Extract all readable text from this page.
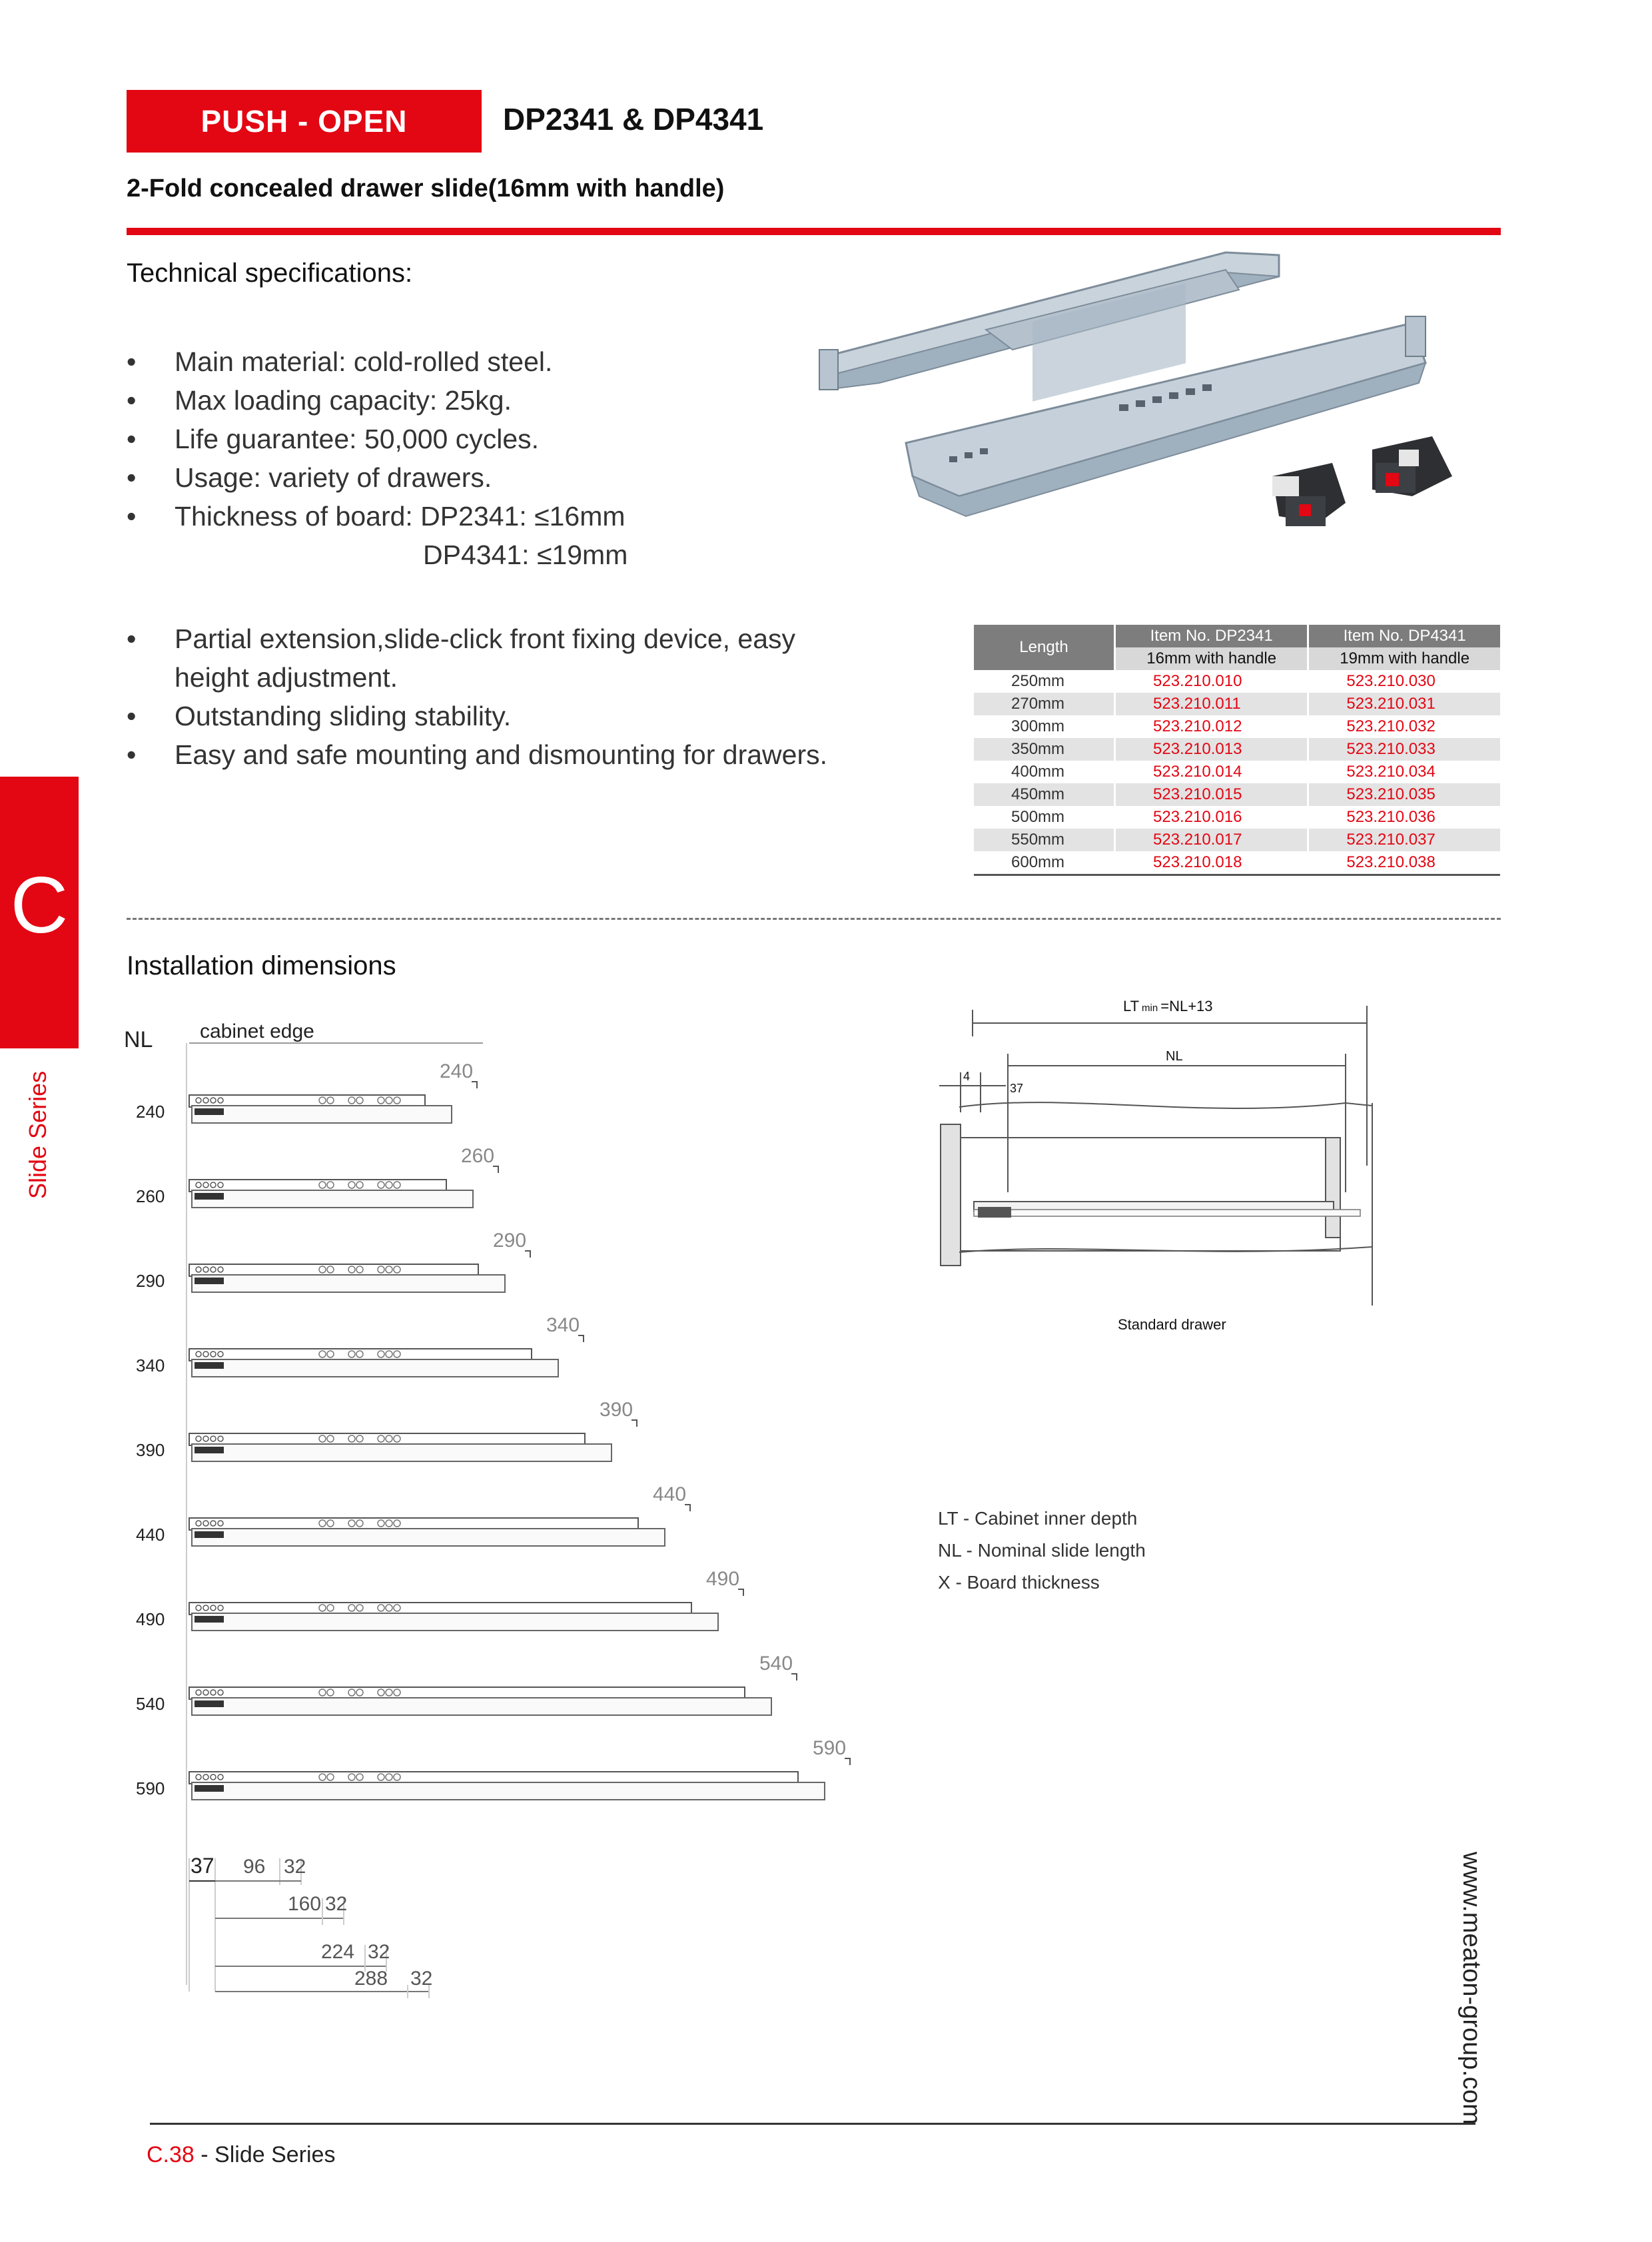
PUSH - OPEN	DP2341 & DP4341
2-Fold concealed drawer slide(16mm with handle)
Technical specifications:
• Main material: cold-rolled steel.
• Max loading capacity: 25kg.
• Life guarantee: 50,000 cycles.
• Usage: variety of drawers.
• Thickness of board: DP2341: ≤16mm
DP4341: ≤19mm
• Partial extension,slide-click front fixing device, easy
height adjustment.
• Outstanding sliding stability.
• Easy and safe mounting and dismounting for drawers.
Length	Item No. DP2341	Item No. DP4341
	16mm with handle	19mm with handle
250mm	523.210.010	523.210.030
270mm	523.210.011	523.210.031
300mm	523.210.012	523.210.032
350mm	523.210.013	523.210.033
400mm	523.210.014	523.210.034
450mm	523.210.015	523.210.035
500mm	523.210.016	523.210.036
550mm	523.210.017	523.210.037
600mm	523.210.018	523.210.038
C
Slide Series
Installation dimensions
NL cabinet edge
240
240
260
260
290
290
340
340
390
390
440
440
490
490
540
540
590
590
37 96 32
160 32
224 32
288 32
LT min =NL+13
NL
4
37
Standard drawer
LT - Cabinet inner depth
NL - Nominal slide length
X - Board thickness
www.meaton-group.com
C.38 - Slide Series
